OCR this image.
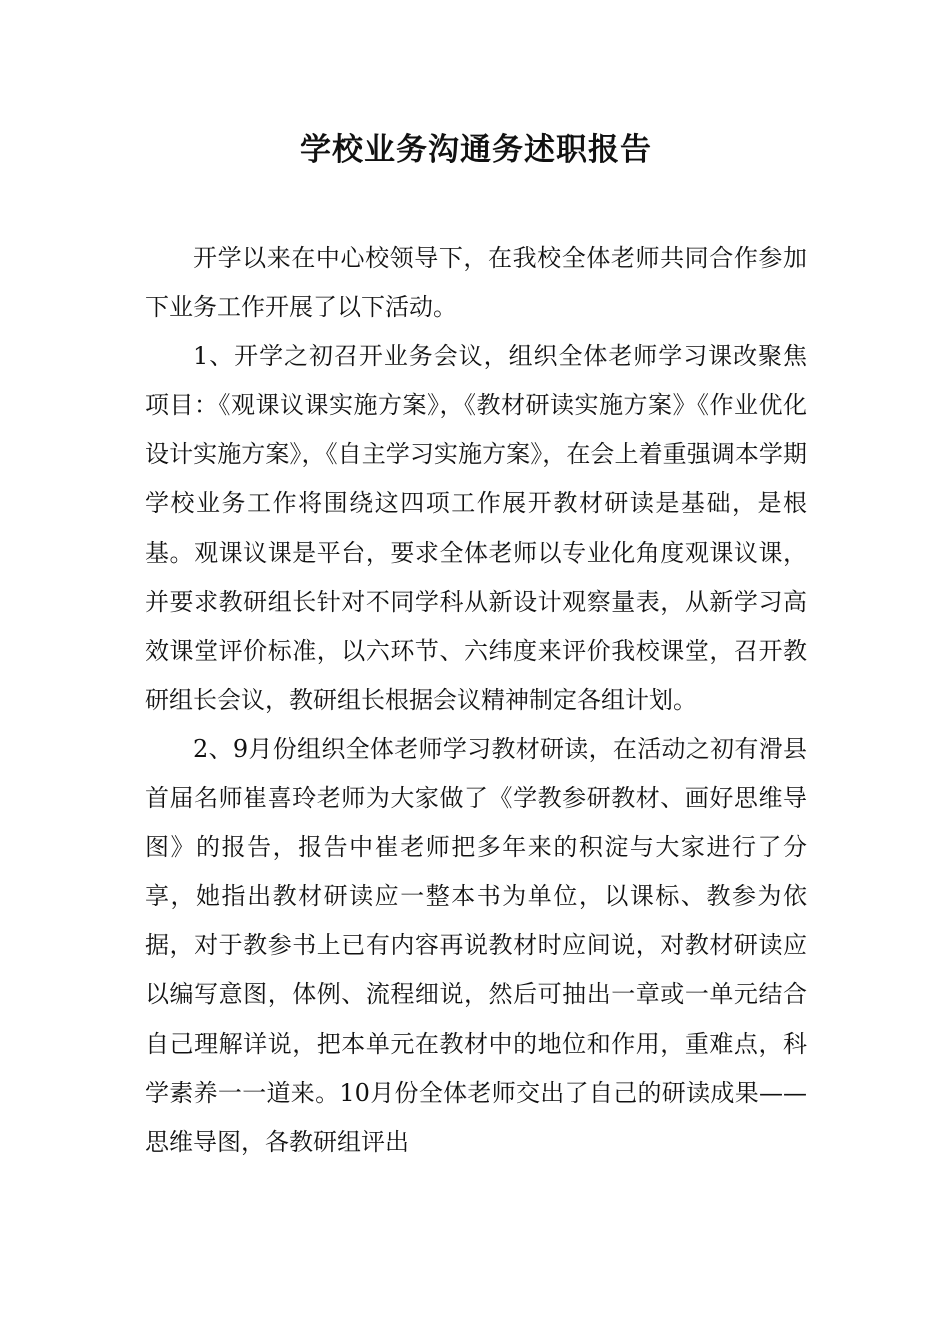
学校业务沟通务述职报告

开学以来在中心校领导下，在我校全体老师共同合作参加下业务工作开展了以下活动。

1、开学之初召开业务会议，组织全体老师学习课改聚焦项目：《观课议课实施方案》，《教材研读实施方案》《作业优化设计实施方案》，《自主学习实施方案》，在会上着重强调本学期学校业务工作将围绕这四项工作展开教材研读是基础，是根基。观课议课是平台，要求全体老师以专业化角度观课议课，并要求教研组长针对不同学科从新设计观察量表，从新学习高效课堂评价标准，以六环节、六纬度来评价我校课堂，召开教研组长会议，教研组长根据会议精神制定各组计划。

2、9月份组织全体老师学习教材研读，在活动之初有滑县首届名师崔喜玲老师为大家做了《学教参研教材、画好思维导图》的报告，报告中崔老师把多年来的积淀与大家进行了分享，她指出教材研读应一整本书为单位，以课标、教参为依据，对于教参书上已有内容再说教材时应间说，对教材研读应以编写意图，体例、流程细说，然后可抽出一章或一单元结合自己理解详说，把本单元在教材中的地位和作用，重难点，科学素养一一道来。10月份全体老师交出了自己的研读成果——思维导图，各教研组评出
